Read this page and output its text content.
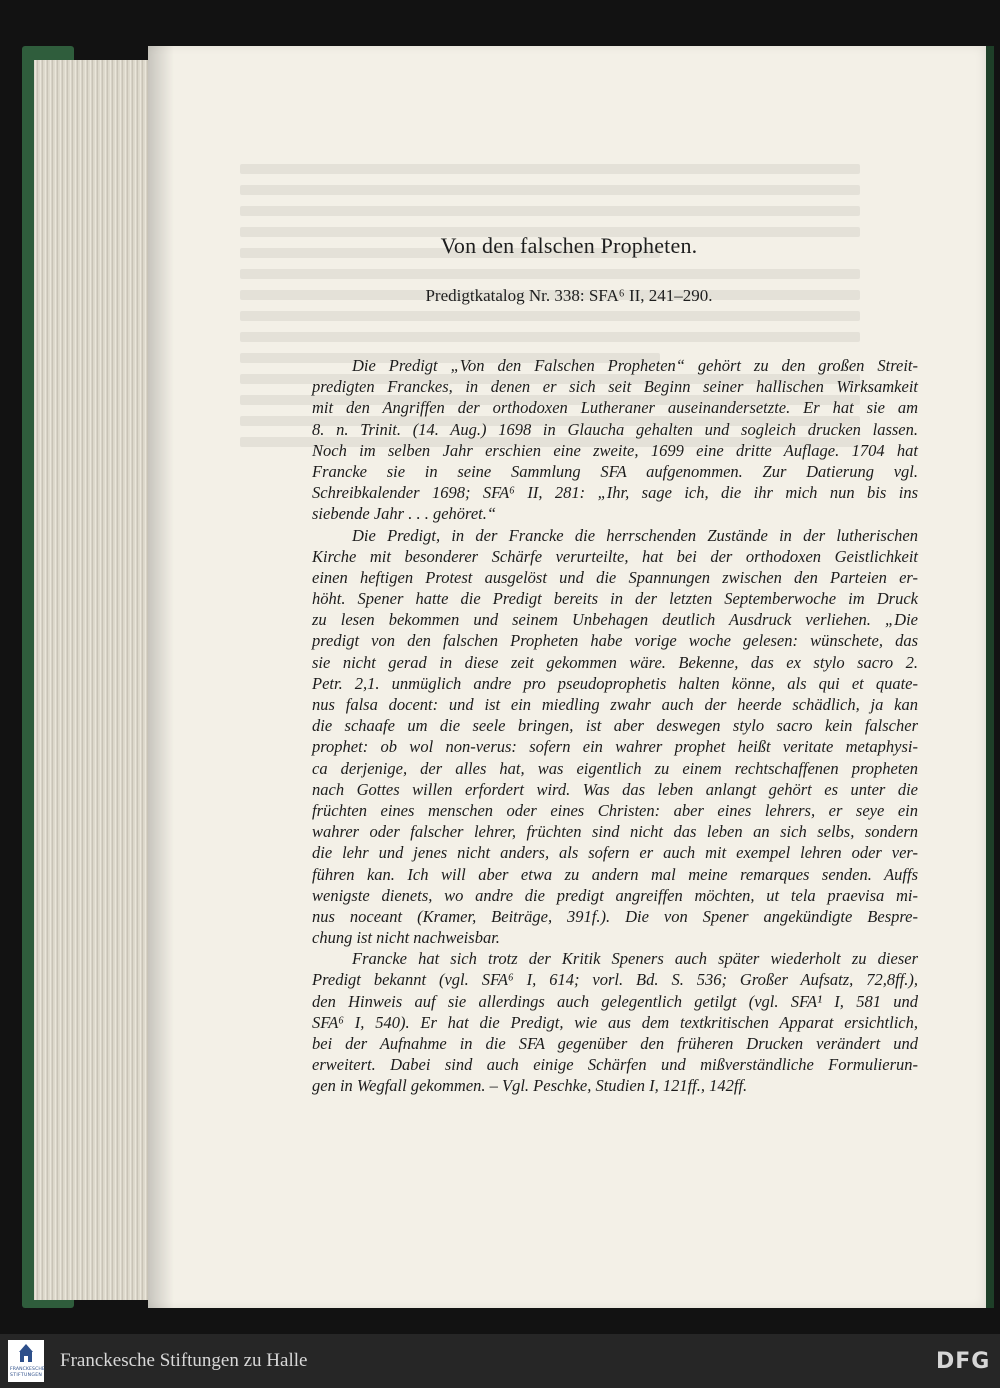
Von den falschen Propheten.
Predigtkatalog Nr. 338: SFA⁶ II, 241–290.
Die Predigt „Von den Falschen Propheten“ gehört zu den großen Streit-
predigten Franckes, in denen er sich seit Beginn seiner hallischen Wirksamkeit
mit den Angriffen der orthodoxen Lutheraner auseinandersetzte. Er hat sie am
8. n. Trinit. (14. Aug.) 1698 in Glaucha gehalten und sogleich drucken lassen.
Noch im selben Jahr erschien eine zweite, 1699 eine dritte Auflage. 1704 hat
Francke sie in seine Sammlung SFA aufgenommen. Zur Datierung vgl.
Schreibkalender 1698; SFA⁶ II, 281: „Ihr, sage ich, die ihr mich nun bis ins
siebende Jahr . . . gehöret.“
Die Predigt, in der Francke die herrschenden Zustände in der lutherischen
Kirche mit besonderer Schärfe verurteilte, hat bei der orthodoxen Geistlichkeit
einen heftigen Protest ausgelöst und die Spannungen zwischen den Parteien er-
höht. Spener hatte die Predigt bereits in der letzten Septemberwoche im Druck
zu lesen bekommen und seinem Unbehagen deutlich Ausdruck verliehen. „Die
predigt von den falschen Propheten habe vorige woche gelesen: wünschete, das
sie nicht gerad in diese zeit gekommen wäre. Bekenne, das ex stylo sacro 2.
Petr. 2,1. unmüglich andre pro pseudoprophetis halten könne, als qui et quate-
nus falsa docent: und ist ein miedling zwahr auch der heerde schädlich, ja kan
die schaafe um die seele bringen, ist aber deswegen stylo sacro kein falscher
prophet: ob wol non-verus: sofern ein wahrer prophet heißt veritate metaphysi-
ca derjenige, der alles hat, was eigentlich zu einem rechtschaffenen propheten
nach Gottes willen erfordert wird. Was das leben anlangt gehört es unter die
früchten eines menschen oder eines Christen: aber eines lehrers, er seye ein
wahrer oder falscher lehrer, früchten sind nicht das leben an sich selbs, sondern
die lehr und jenes nicht anders, als sofern er auch mit exempel lehren oder ver-
führen kan. Ich will aber etwa zu andern mal meine remarques senden. Auffs
wenigste dienets, wo andre die predigt angreiffen möchten, ut tela praevisa mi-
nus noceant (Kramer, Beiträge, 391f.). Die von Spener angekündigte Bespre-
chung ist nicht nachweisbar.
Francke hat sich trotz der Kritik Speners auch später wiederholt zu dieser
Predigt bekannt (vgl. SFA⁶ I, 614; vorl. Bd. S. 536; Großer Aufsatz, 72,8ff.),
den Hinweis auf sie allerdings auch gelegentlich getilgt (vgl. SFA¹ I, 581 und
SFA⁶ I, 540). Er hat die Predigt, wie aus dem textkritischen Apparat ersichtlich,
bei der Aufnahme in die SFA gegenüber den früheren Drucken verändert und
erweitert. Dabei sind auch einige Schärfen und mißverständliche Formulierun-
gen in Wegfall gekommen. – Vgl. Peschke, Studien I, 121ff., 142ff.
FRANCKESCHE
STIFTUNGEN
Franckesche Stiftungen zu Halle	DFG
